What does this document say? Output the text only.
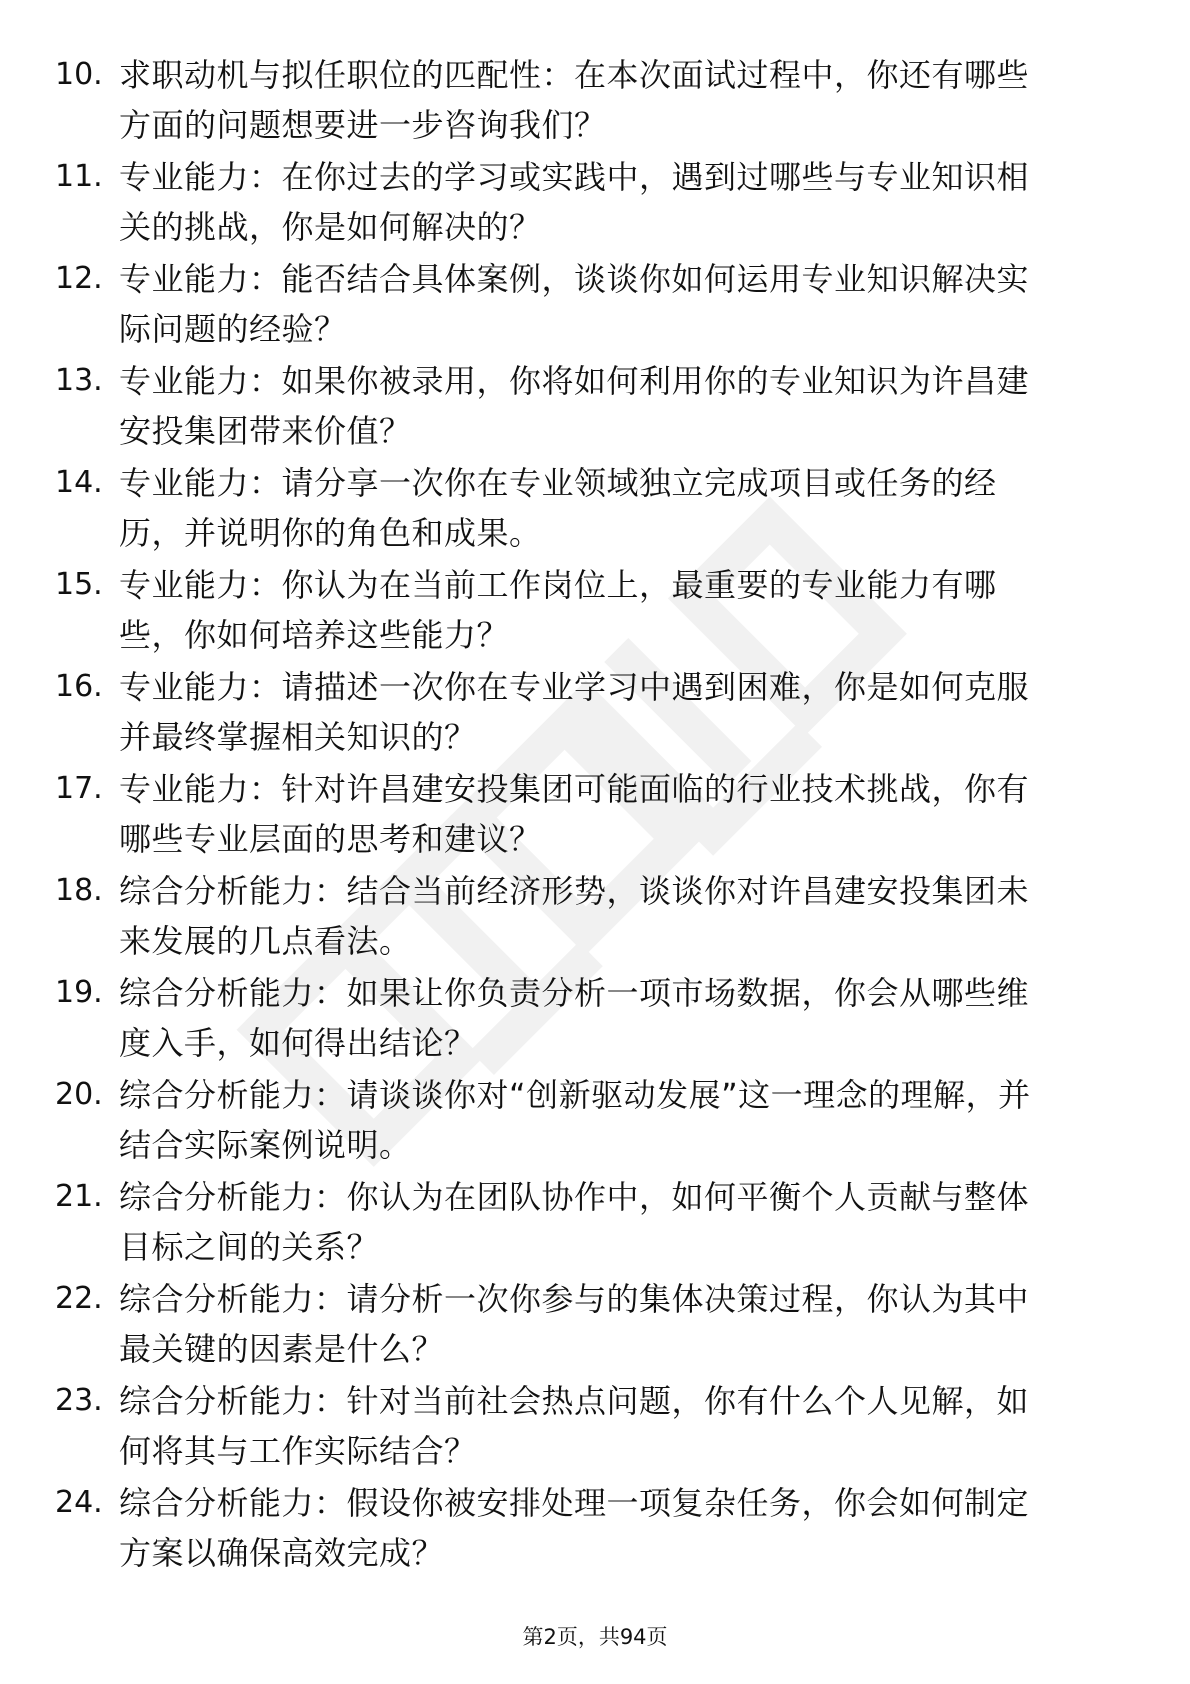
10. 求职动机与拟任职位的匹配性：在本次面试过程中，你还有哪些方面的问题想要进一步咨询我们？
11. 专业能力：在你过去的学习或实践中，遇到过哪些与专业知识相关的挑战，你是如何解决的？
12. 专业能力：能否结合具体案例，谈谈你如何运用专业知识解决实际问题的经验？
13. 专业能力：如果你被录用，你将如何利用你的专业知识为许昌建安投集团带来价值？
14. 专业能力：请分享一次你在专业领域独立完成项目或任务的经历，并说明你的角色和成果。
15. 专业能力：你认为在当前工作岗位上，最重要的专业能力有哪些，你如何培养这些能力？
16. 专业能力：请描述一次你在专业学习中遇到困难，你是如何克服并最终掌握相关知识的？
17. 专业能力：针对许昌建安投集团可能面临的行业技术挑战，你有哪些专业层面的思考和建议？
18. 综合分析能力：结合当前经济形势，谈谈你对许昌建安投集团未来发展的几点看法。
19. 综合分析能力：如果让你负责分析一项市场数据，你会从哪些维度入手，如何得出结论？
20. 综合分析能力：请谈谈你对“创新驱动发展”这一理念的理解，并结合实际案例说明。
21. 综合分析能力：你认为在团队协作中，如何平衡个人贡献与整体目标之间的关系？
22. 综合分析能力：请分析一次你参与的集体决策过程，你认为其中最关键的因素是什么？
23. 综合分析能力：针对当前社会热点问题，你有什么个人见解，如何将其与工作实际结合？
24. 综合分析能力：假设你被安排处理一项复杂任务，你会如何制定方案以确保高效完成？
第2页，共94页
